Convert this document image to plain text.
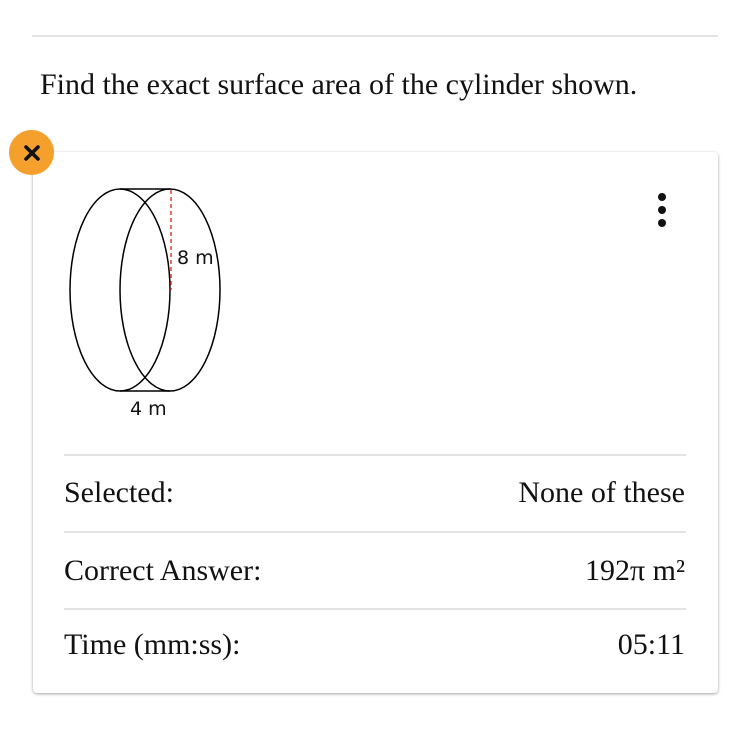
Find the exact surface area of the cylinder shown.
8 m
4 m
Selected:	None of these
Correct Answer:	192π m²
Time (mm:ss):	05:11
